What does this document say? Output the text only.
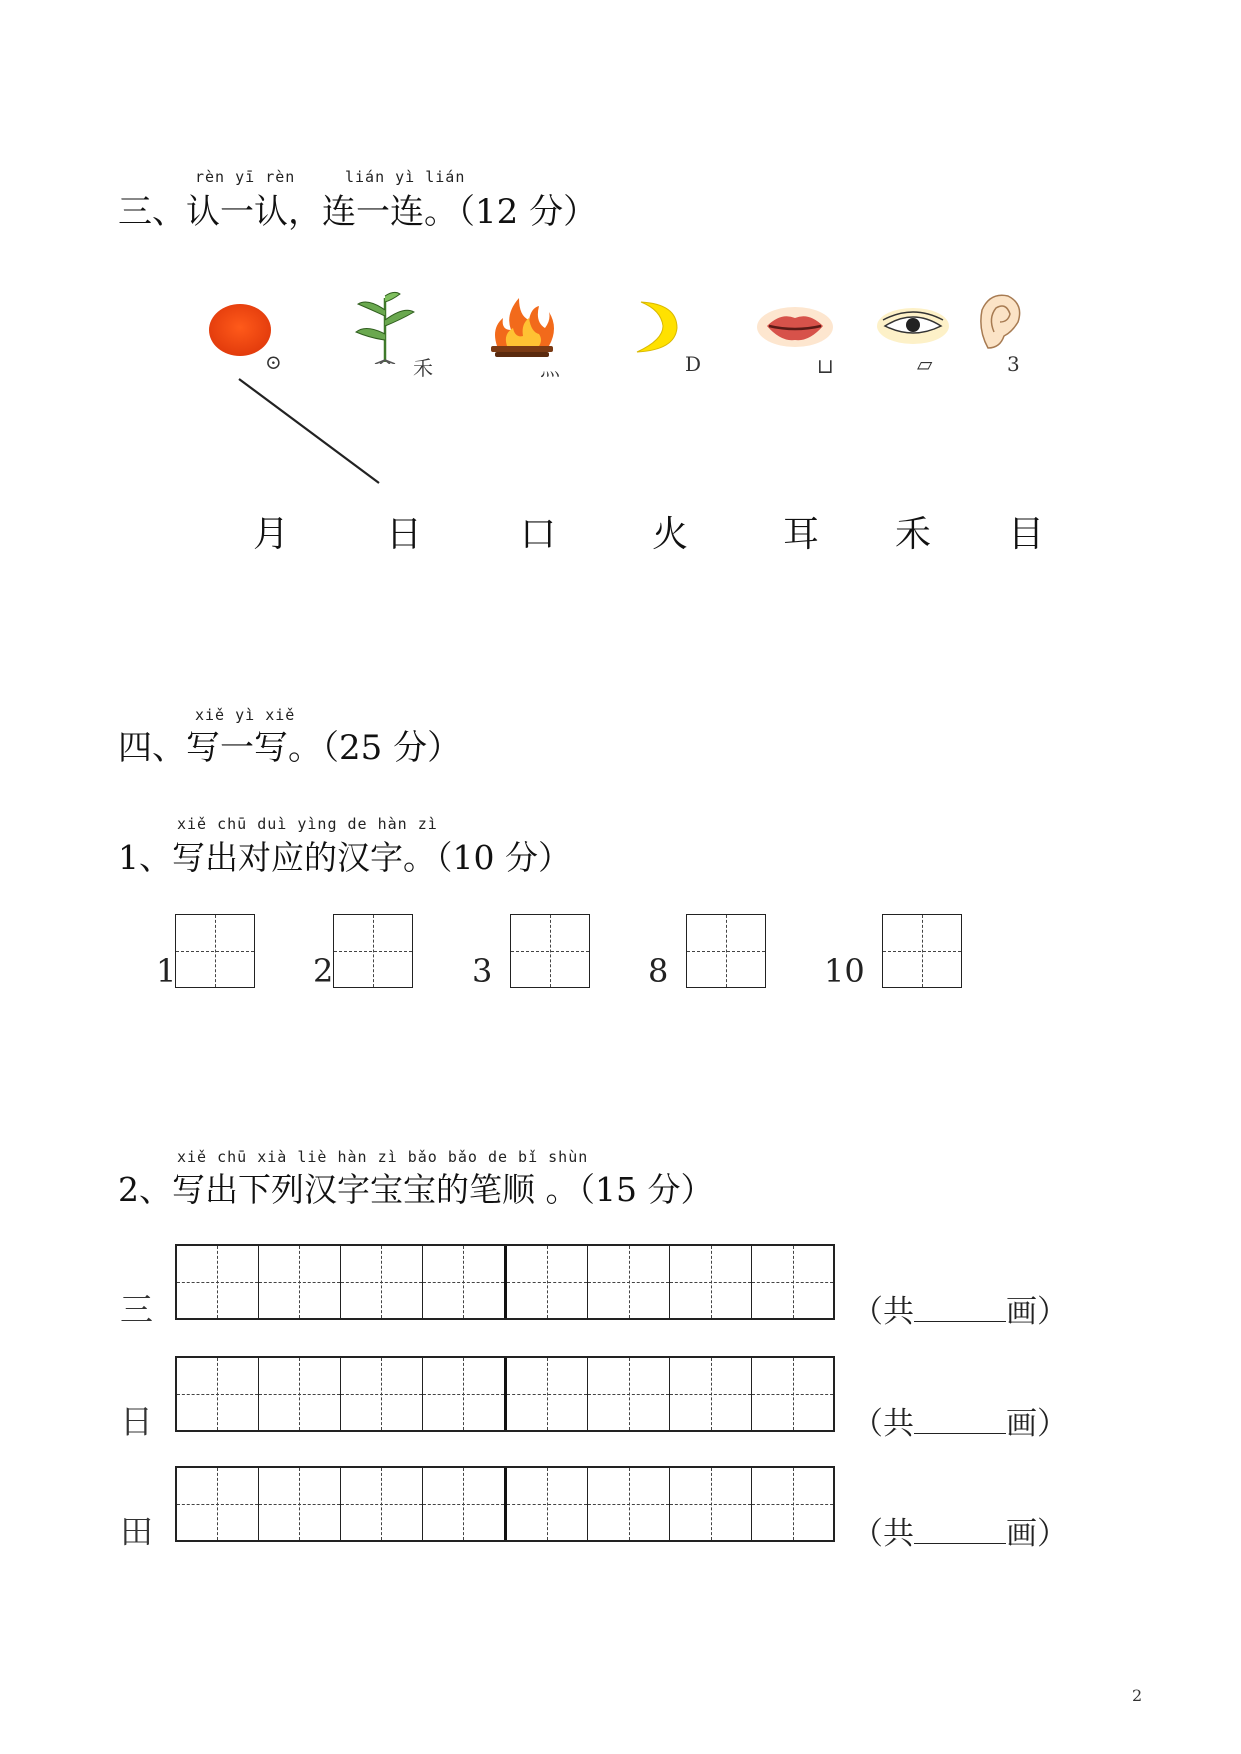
rèn yī rèn	lián yì lián
三、认一认，连一连。（12 分）
⊙	禾	灬	D	⊔	▱	3
月	日	口	火	耳 禾 目
xiě yì xiě
四、写一写。（25 分）
xiě chū duì yìng de hàn zì
1、写出对应的汉字。（10 分）
1	2	3	8	10
xiě chū xià liè hàn zì bǎo bǎo de bǐ shùn
2、写出下列汉字宝宝的笔顺 。（15 分）
三	（共	画）
日	（共	画）
田	（共	画）
2
